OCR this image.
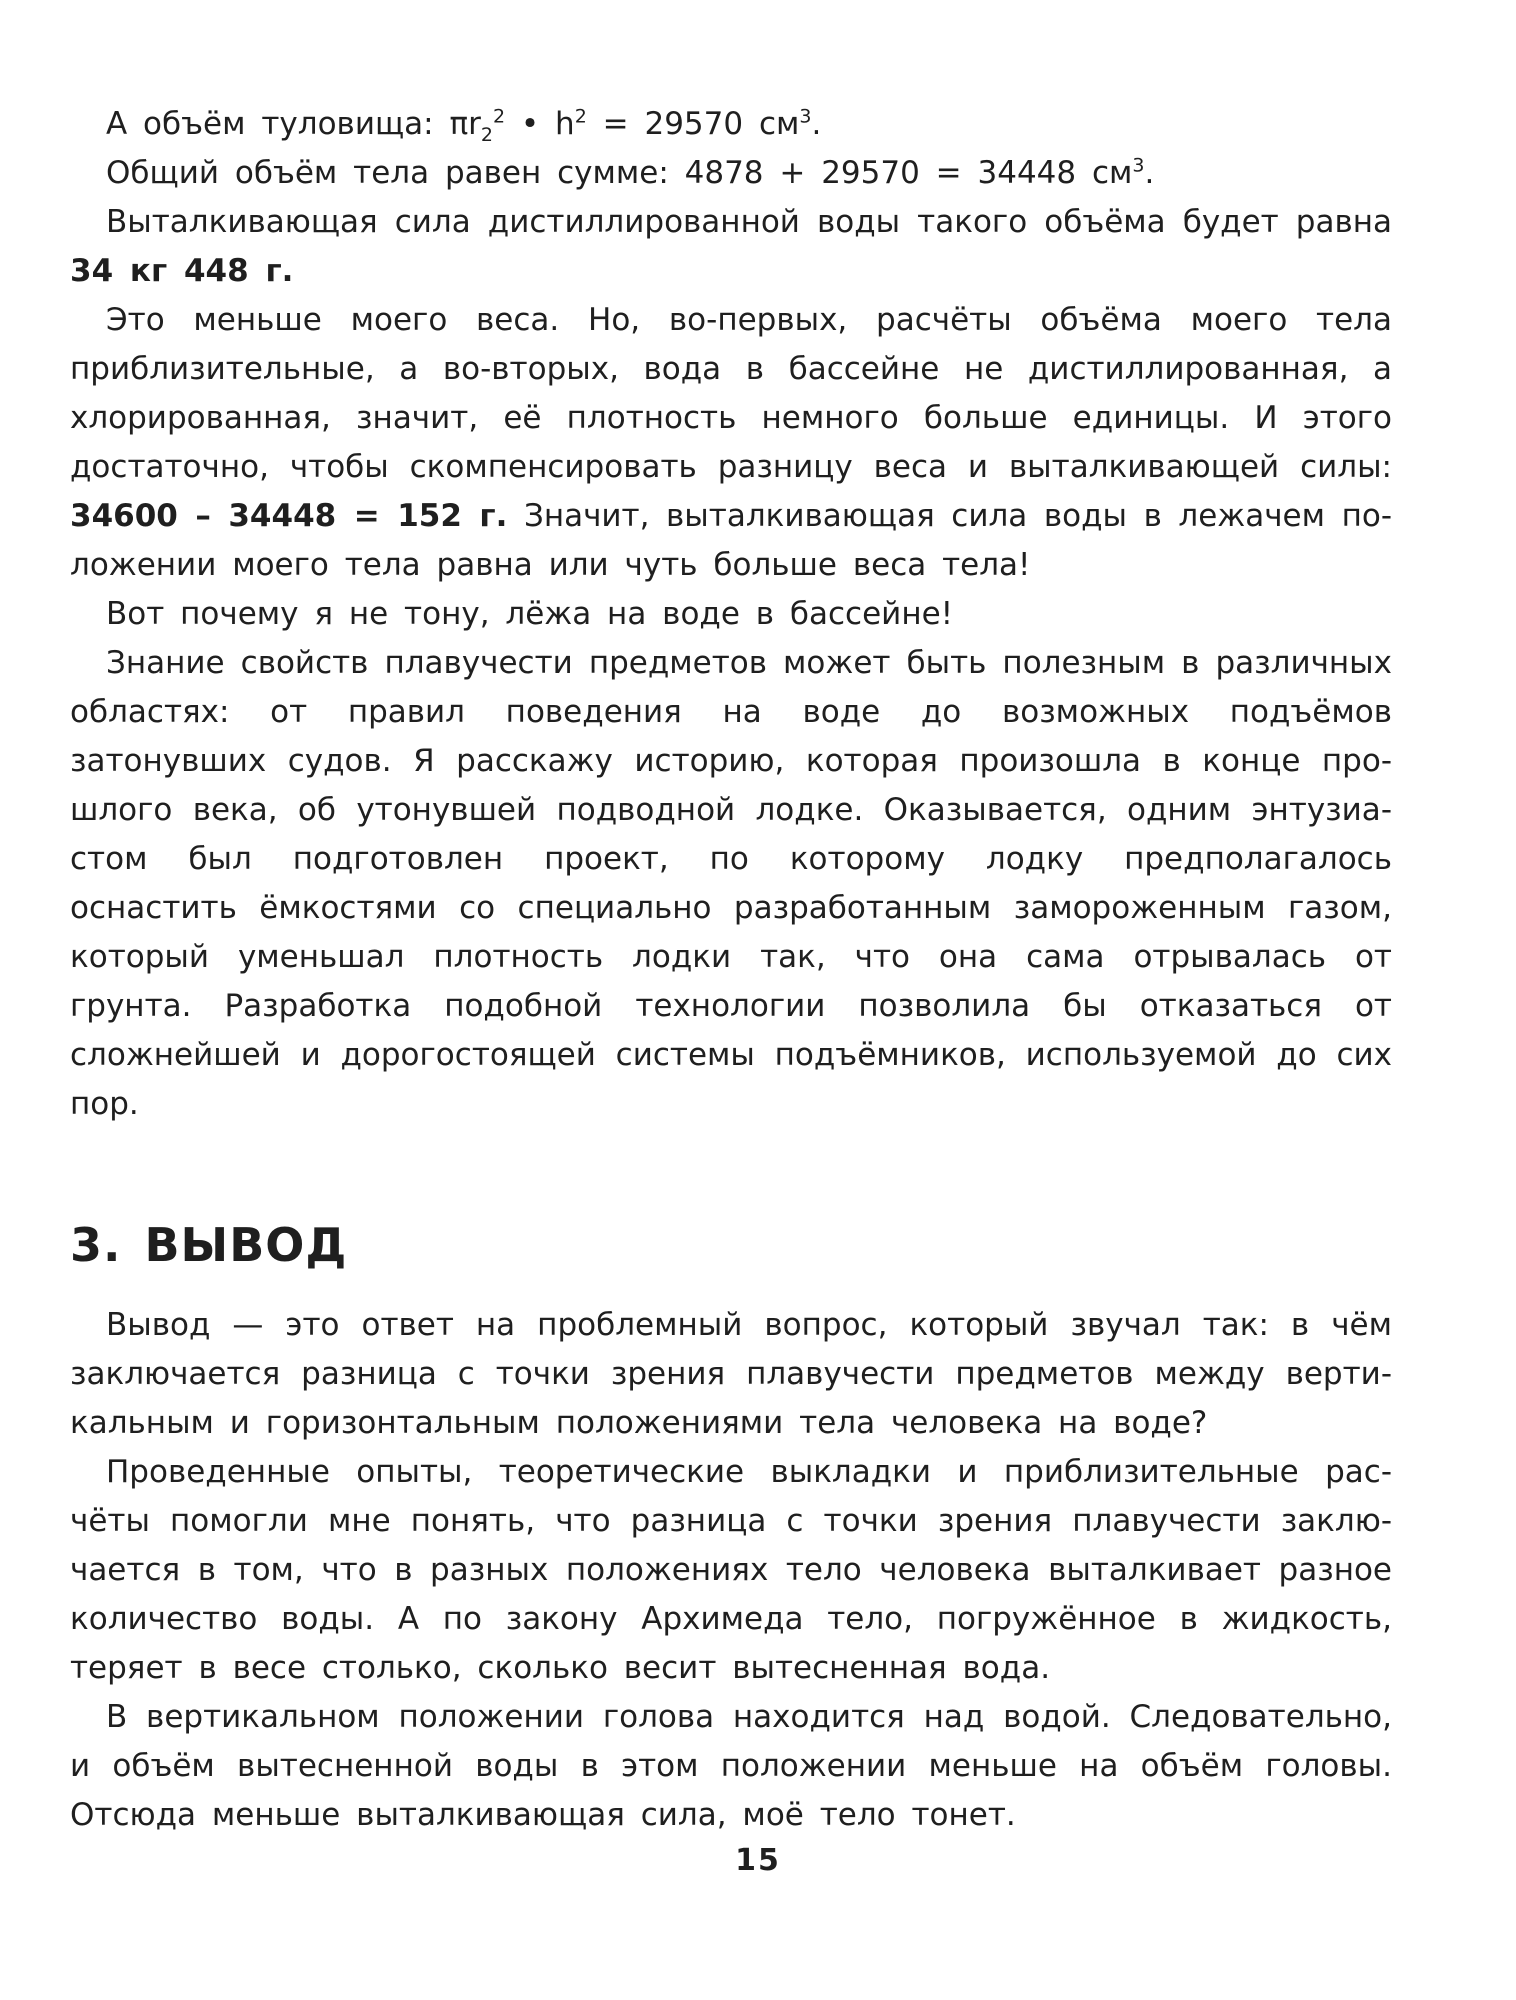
А объём туловища: $\pi r_2^2$ • $h^2 = 29570$ $см^3$.

Общий объём тела равен сумме: 4878 + 29570 = 34448 $см^3$.

Выталкивающая сила дистиллированной воды такого объёма будет равна 34 кг 448 г.

Это меньше моего веса. Но, во-первых, расчёты объёма моего тела приблизительные, а во-вторых, вода в бассейне не дистиллированная, а хлорированная, значит, её плотность немного больше единицы. И этого достаточно, чтобы скомпенсировать разницу веса и выталкивающей силы: 34600 – 34448 = 152 г. Значит, выталкивающая сила воды в лежачем положении моего тела равна или чуть больше веса тела!

Вот почему я не тону, лёжа на воде в бассейне!

Знание свойств плавучести предметов может быть полезным в различных областях: от правил поведения на воде до возможных подъёмов затонувших судов. Я расскажу историю, которая произошла в конце прошлого века, об утонувшей подводной лодке. Оказывается, одним энтузиастом был подготовлен проект, по которому лодку предполагалось оснастить ёмкостями со специально разработанным замороженным газом, который уменьшал плотность лодки так, что она сама отрывалась от грунта. Разработка подобной технологии позволила бы отказаться от сложнейшей и дорогостоящей системы подъёмников, используемой до сих пор.

3. ВЫВОД

Вывод — это ответ на проблемный вопрос, который звучал так: в чём заключается разница с точки зрения плавучести предметов между вертикальным и горизонтальным положениями тела человека на воде?

Проведенные опыты, теоретические выкладки и приблизительные расчёты помогли мне понять, что разница с точки зрения плавучести заключается в том, что в разных положениях тело человека выталкивает разное количество воды. А по закону Архимеда тело, погружённое в жидкость, теряет в весе столько, сколько весит вытесненная вода.

В вертикальном положении голова находится над водой. Следовательно, и объём вытесненной воды в этом положении меньше на объём головы. Отсюда меньше выталкивающая сила, моё тело тонет.

15
